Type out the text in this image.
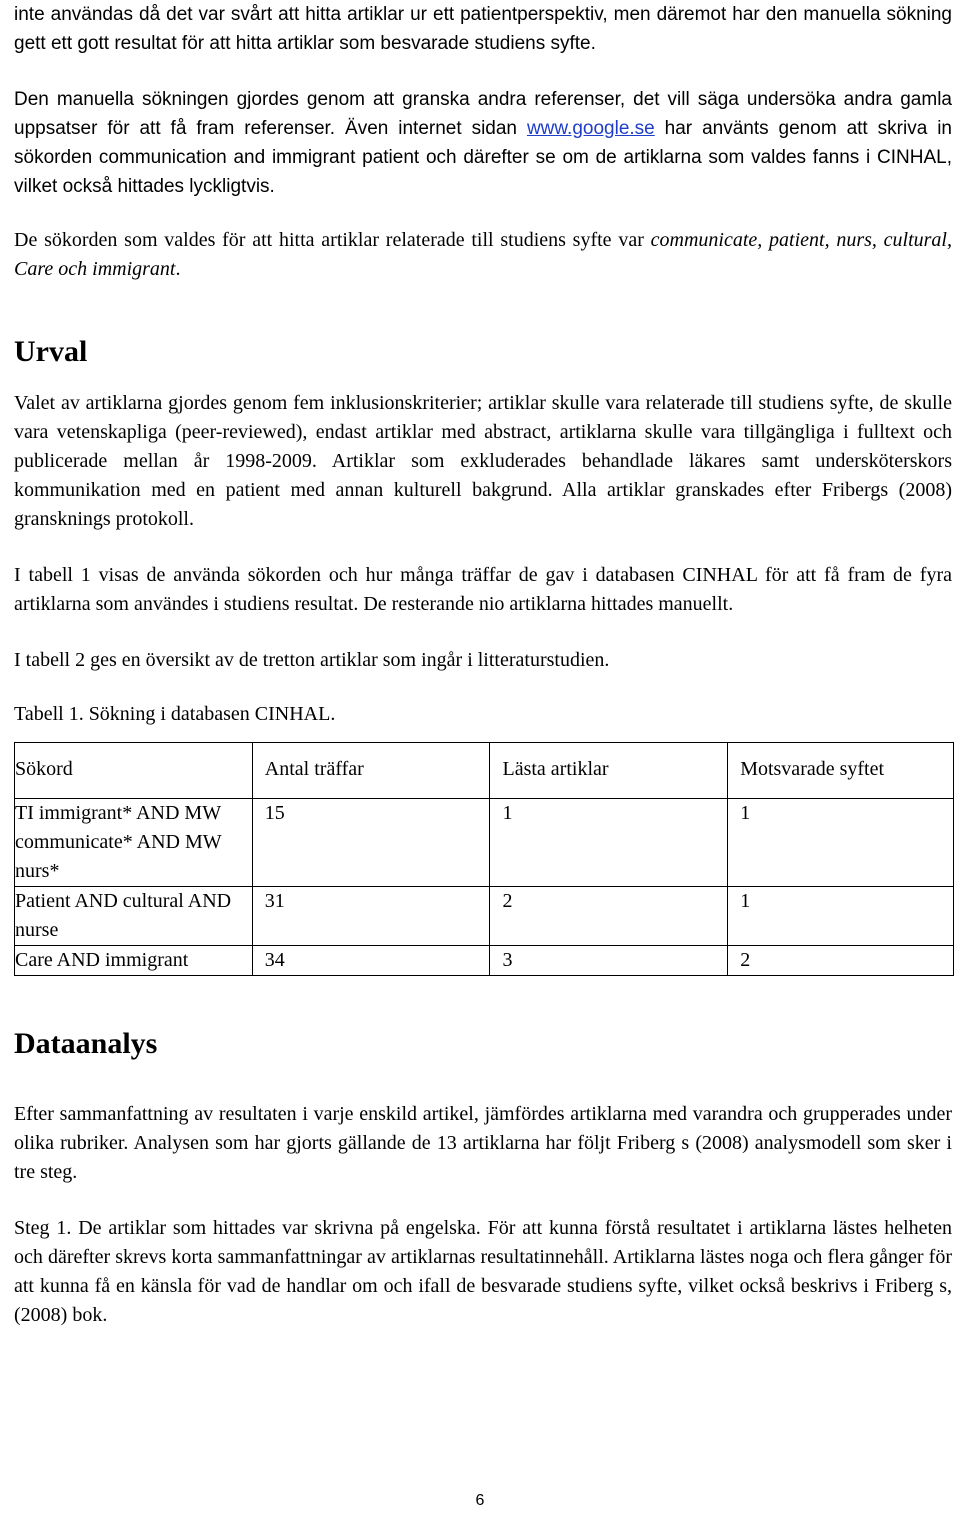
inte användas då det var svårt att hitta artiklar ur ett patientperspektiv, men däremot har den manuella sökning gett ett gott resultat för att hitta artiklar som besvarade studiens syfte.

Den manuella sökningen gjordes genom att granska andra referenser, det vill säga undersöka andra gamla uppsatser för att få fram referenser. Även internet sidan www.google.se har använts genom att skriva in sökorden communication and immigrant patient och därefter se om de artiklarna som valdes fanns i CINHAL, vilket också hittades lyckligtvis.

De sökorden som valdes för att hitta artiklar relaterade till studiens syfte var communicate, patient, nurs, cultural, Care och immigrant.

Urval

Valet av artiklarna gjordes genom fem inklusionskriterier; artiklar skulle vara relaterade till studiens syfte, de skulle vara vetenskapliga (peer-reviewed), endast artiklar med abstract, artiklarna skulle vara tillgängliga i fulltext och publicerade mellan år 1998-2009. Artiklar som exkluderades behandlade läkares samt undersköterskors kommunikation med en patient med annan kulturell bakgrund. Alla artiklar granskades efter Fribergs (2008) gransknings protokoll.

I tabell 1 visas de använda sökorden och hur många träffar de gav i databasen CINHAL för att få fram de fyra artiklarna som användes i studiens resultat. De resterande nio artiklarna hittades manuellt.

I tabell 2 ges en översikt av de tretton artiklar som ingår i litteraturstudien.

Tabell 1. Sökning i databasen CINHAL.

Sökord	Antal träffar	Lästa artiklar	Motsvarade syftet
TI immigrant* AND MW communicate* AND MW nurs*	15	1	1
Patient AND cultural AND nurse	31	2	1
Care AND immigrant	34	3	2
Dataanalys

Efter sammanfattning av resultaten i varje enskild artikel, jämfördes artiklarna med varandra och grupperades under olika rubriker. Analysen som har gjorts gällande de 13 artiklarna har följt Friberg s (2008) analysmodell som sker i tre steg.

Steg 1. De artiklar som hittades var skrivna på engelska. För att kunna förstå resultatet i artiklarna lästes helheten och därefter skrevs korta sammanfattningar av artiklarnas resultatinnehåll. Artiklarna lästes noga och flera gånger för att kunna få en känsla för vad de handlar om och ifall de besvarade studiens syfte, vilket också beskrivs i Friberg s, (2008) bok.

6
